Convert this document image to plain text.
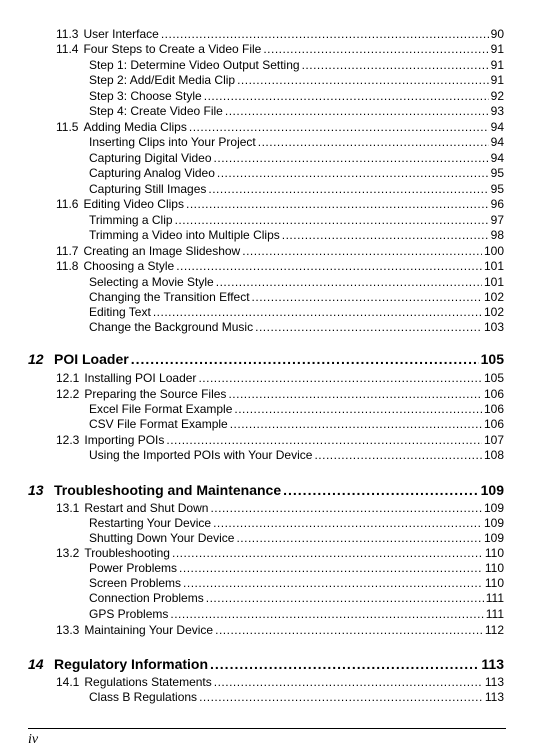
11.3 User Interface .....	90
11.4 Four Steps to Create a Video File .....	91
Step 1: Determine Video Output Setting .....	91
Step 2: Add/Edit Media Clip .....	91
Step 3: Choose Style .....	92
Step 4: Create Video File .....	93
11.5 Adding Media Clips .....	94
Inserting Clips into Your Project .....	94
Capturing Digital Video .....	94
Capturing Analog Video .....	95
Capturing Still Images .....	95
11.6 Editing Video Clips .....	96
Trimming a Clip .....	97
Trimming a Video into Multiple Clips .....	98
11.7 Creating an Image Slideshow .....	100
11.8 Choosing a Style .....	101
Selecting a Movie Style .....	101
Changing the Transition Effect .....	102
Editing Text .....	102
Change the Background Music .....	103
12 POI Loader .....	105
12.1 Installing POI Loader .....	105
12.2 Preparing the Source Files .....	106
Excel File Format Example .....	106
CSV File Format Example .....	106
12.3 Importing POIs .....	107
Using the Imported POIs with Your Device .....	108
13 Troubleshooting and Maintenance .....	109
13.1 Restart and Shut Down .....	109
Restarting Your Device .....	109
Shutting Down Your Device .....	109
13.2 Troubleshooting .....	110
Power Problems .....	110
Screen Problems .....	110
Connection Problems .....	111
GPS Problems .....	111
13.3 Maintaining Your Device .....	112
14 Regulatory Information .....	113
14.1 Regulations Statements .....	113
Class B Regulations .....	113
iv
